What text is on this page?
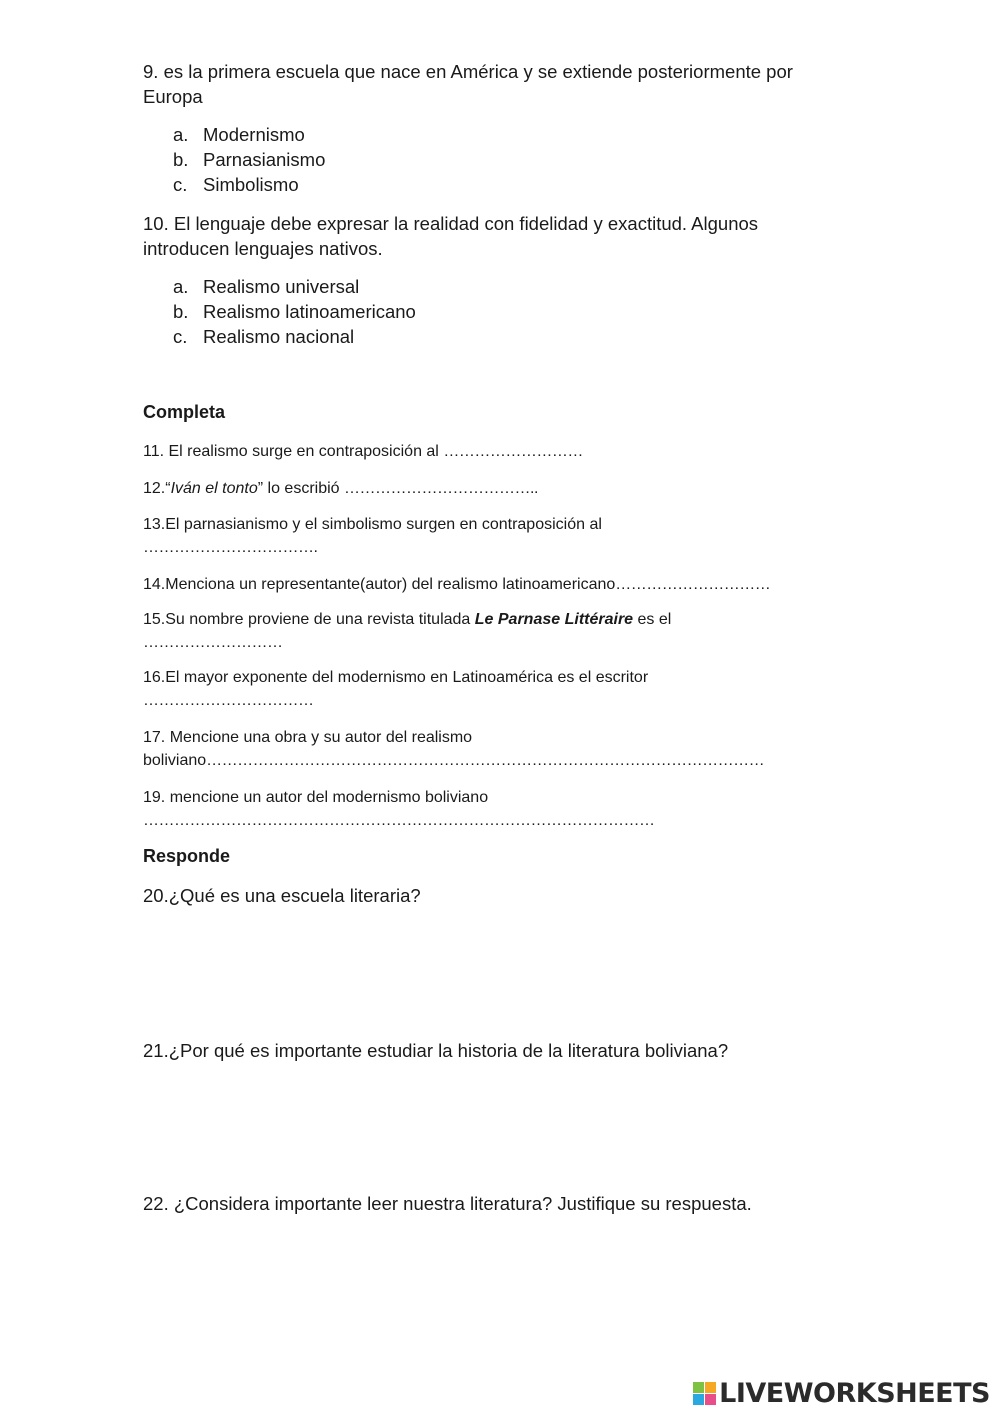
9. es la primera escuela que nace en América y se extiende posteriormente por

Europa

a. Modernismo
b. Parnasianismo
c. Simbolismo

10. El lenguaje debe expresar la realidad con fidelidad y exactitud. Algunos

introducen lenguajes nativos.

a. Realismo universal
b. Realismo latinoamericano
c. Realismo nacional

Completa

11. El realismo surge en contraposición al ………………………

12.“Iván el tonto” lo escribió ………………………………..

13.El parnasianismo y el simbolismo surgen en contraposición al

…………………………….

14.Menciona un representante(autor) del realismo latinoamericano…………………………

15.Su nombre proviene de una revista titulada Le Parnase Littéraire es el

………………………

16.El mayor exponente del modernismo en Latinoamérica es el escritor

……………………………

17. Mencione una obra y su autor del realismo

boliviano………………………………………………………………………………………………

19. mencione un autor del modernismo boliviano

………………………………………………………………………………………

Responde

20.¿Qué es una escuela literaria?

21.¿Por qué es importante estudiar la historia de la literatura boliviana?

22. ¿Considera importante leer nuestra literatura? Justifique su respuesta.

LIVEWORKSHEETS
